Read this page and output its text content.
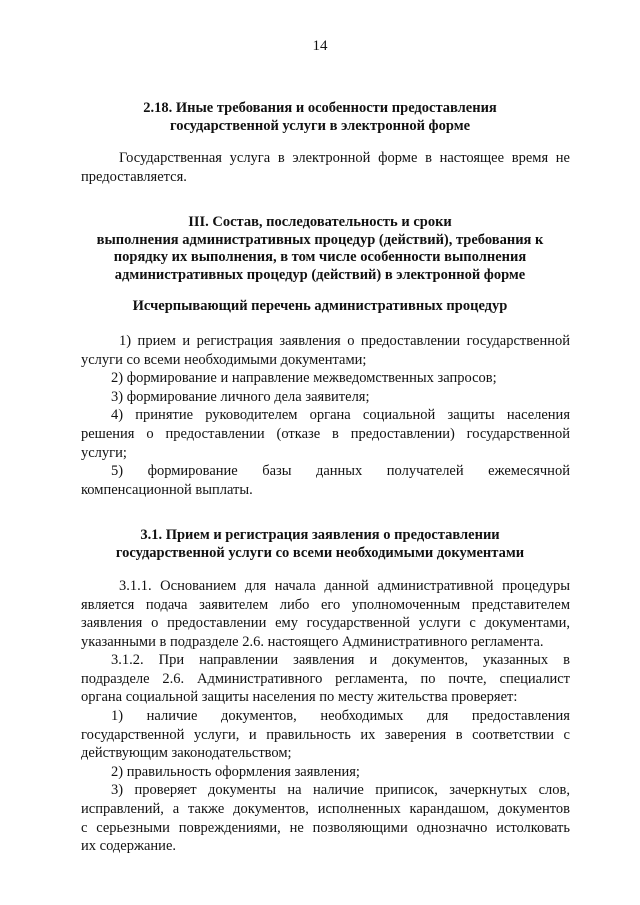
14
2.18. Иные требования и особенности предоставления
государственной услуги в электронной форме
Государственная услуга в электронной форме в настоящее время не
предоставляется.
III. Состав, последовательность и сроки
выполнения административных процедур (действий), требования к
порядку их выполнения, в том числе особенности выполнения
административных процедур (действий) в электронной форме
Исчерпывающий перечень административных процедур
1) прием и регистрация заявления о предоставлении государственной
услуги со всеми необходимыми документами;
2) формирование и направление межведомственных запросов;
3) формирование личного дела заявителя;
4) принятие руководителем органа социальной защиты населения
решения о предоставлении (отказе в предоставлении) государственной
услуги;
5) формирование базы данных получателей ежемесячной
компенсационной выплаты.
3.1. Прием и регистрация заявления о предоставлении
государственной услуги со всеми необходимыми документами
3.1.1. Основанием для начала данной административной процедуры
является подача заявителем либо его уполномоченным представителем
заявления о предоставлении ему государственной услуги с документами,
указанными в подразделе 2.6. настоящего Административного регламента.
3.1.2. При направлении заявления и документов, указанных в
подразделе 2.6. Административного регламента, по почте, специалист
органа социальной защиты населения по месту жительства проверяет:
1) наличие документов, необходимых для предоставления
государственной услуги, и правильность их заверения в соответствии с
действующим законодательством;
2) правильность оформления заявления;
3) проверяет документы на наличие приписок, зачеркнутых слов,
исправлений, а также документов, исполненных карандашом, документов
с серьезными повреждениями, не позволяющими однозначно истолковать
их содержание.
